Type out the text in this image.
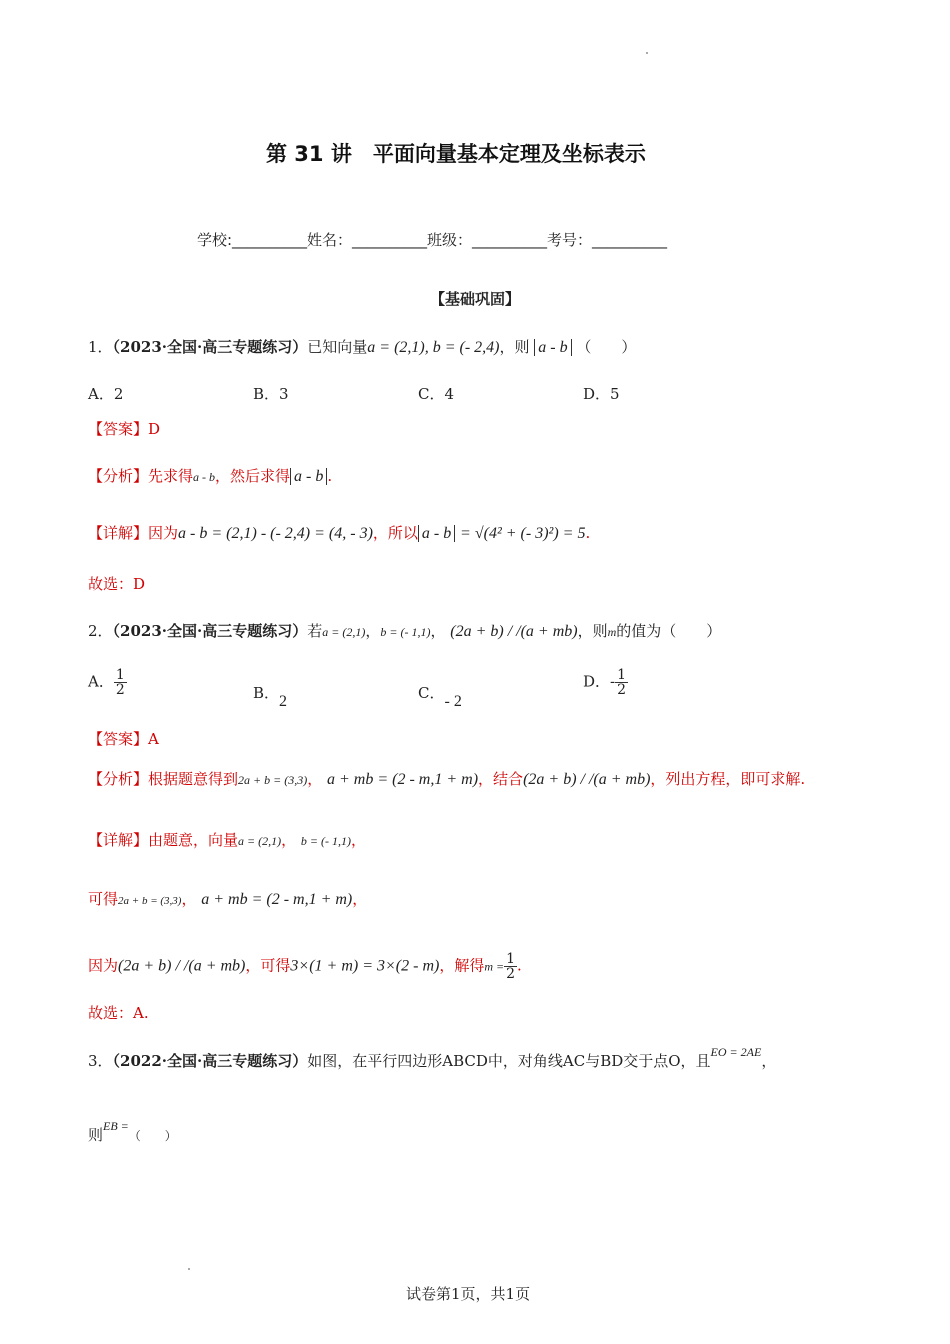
第 31 讲　平面向量基本定理及坐标表示
学校:__________姓名：__________班级：__________考号：__________
【基础巩固】
1．（2023·全国·高三专题练习）已知向量a = (2,1), b = (- 2,4)，则 a - b （　　）
A．2	B．3	C．4	D．5
【答案】D
【分析】先求得a - b，然后求得 a - b .
【详解】因为a - b = (2,1) - (- 2,4) = (4, - 3)，所以 a - b = √(4² + (- 3)²) = 5.
故选：D
2．（2023·全国·高三专题练习）若a = (2,1)，b = (- 1,1)， (2a + b) / /(a + mb)，则m的值为（　　）
A． $\frac{1}{2}$	B．2	C．- 2
D．- $\frac{1}{2}$
【答案】A
【分析】根据题意得到2a + b = (3,3)， a + mb = (2 - m,1 + m)，结合(2a + b) / /(a + mb)，列出方程，即可求解.
【详解】由题意，向量a = (2,1)， b = (- 1,1)，
可得2a + b = (3,3)， a + mb = (2 - m,1 + m)，
因为(2a + b) / /(a + mb)，可得3×(1 + m) = 3×(2 - m)，解得$m = \frac{1}{2}$ .
故选：A.
3．（2022·全国·高三专题练习）如图，在平行四边形ABCD中，对角线AC与BD交于点O，且$^{EO = 2AE}$，
则$^{EB =}$（　　）
试卷第1页，共1页
